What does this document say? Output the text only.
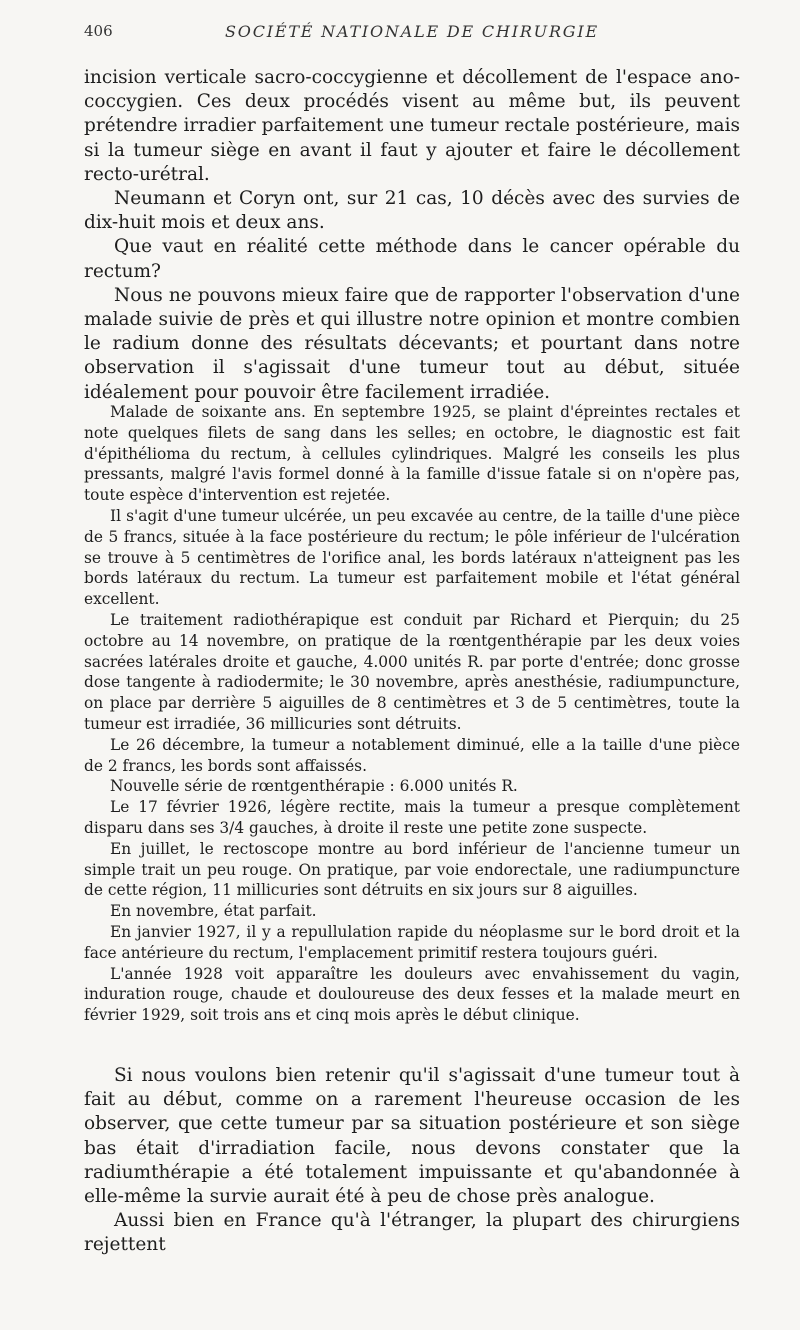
406	SOCIÉTÉ NATIONALE DE CHIRURGIE

incision verticale sacro-coccygienne et décollement de l'espace ano-coccygien. Ces deux procédés visent au même but, ils peuvent prétendre irradier parfaitement une tumeur rectale postérieure, mais si la tumeur siège en avant il faut y ajouter et faire le décollement recto-urétral.

Neumann et Coryn ont, sur 21 cas, 10 décès avec des survies de dix-huit mois et deux ans.

Que vaut en réalité cette méthode dans le cancer opérable du rectum?

Nous ne pouvons mieux faire que de rapporter l'observation d'une malade suivie de près et qui illustre notre opinion et montre combien le radium donne des résultats décevants; et pourtant dans notre observation il s'agissait d'une tumeur tout au début, située idéalement pour pouvoir être facilement irradiée.

Malade de soixante ans. En septembre 1925, se plaint d'épreintes rectales et note quelques filets de sang dans les selles; en octobre, le diagnostic est fait d'épithélioma du rectum, à cellules cylindriques. Malgré les conseils les plus pressants, malgré l'avis formel donné à la famille d'issue fatale si on n'opère pas, toute espèce d'intervention est rejetée.

Il s'agit d'une tumeur ulcérée, un peu excavée au centre, de la taille d'une pièce de 5 francs, située à la face postérieure du rectum; le pôle inférieur de l'ulcération se trouve à 5 centimètres de l'orifice anal, les bords latéraux n'atteignent pas les bords latéraux du rectum. La tumeur est parfaitement mobile et l'état général excellent.

Le traitement radiothérapique est conduit par Richard et Pierquin; du 25 octobre au 14 novembre, on pratique de la rœntgenthérapie par les deux voies sacrées latérales droite et gauche, 4.000 unités R. par porte d'entrée; donc grosse dose tangente à radiodermite; le 30 novembre, après anesthésie, radiumpuncture, on place par derrière 5 aiguilles de 8 centimètres et 3 de 5 centimètres, toute la tumeur est irradiée, 36 millicuries sont détruits.

Le 26 décembre, la tumeur a notablement diminué, elle a la taille d'une pièce de 2 francs, les bords sont affaissés.

Nouvelle série de rœntgenthérapie : 6.000 unités R.

Le 17 février 1926, légère rectite, mais la tumeur a presque complètement disparu dans ses 3/4 gauches, à droite il reste une petite zone suspecte.

En juillet, le rectoscope montre au bord inférieur de l'ancienne tumeur un simple trait un peu rouge. On pratique, par voie endorectale, une radiumpuncture de cette région, 11 millicuries sont détruits en six jours sur 8 aiguilles.

En novembre, état parfait.

En janvier 1927, il y a repullulation rapide du néoplasme sur le bord droit et la face antérieure du rectum, l'emplacement primitif restera toujours guéri.

L'année 1928 voit apparaître les douleurs avec envahissement du vagin, induration rouge, chaude et douloureuse des deux fesses et la malade meurt en février 1929, soit trois ans et cinq mois après le début clinique.

Si nous voulons bien retenir qu'il s'agissait d'une tumeur tout à fait au début, comme on a rarement l'heureuse occasion de les observer, que cette tumeur par sa situation postérieure et son siège bas était d'irradiation facile, nous devons constater que la radiumthérapie a été totalement impuissante et qu'abandonnée à elle-même la survie aurait été à peu de chose près analogue.

Aussi bien en France qu'à l'étranger, la plupart des chirurgiens rejettent
